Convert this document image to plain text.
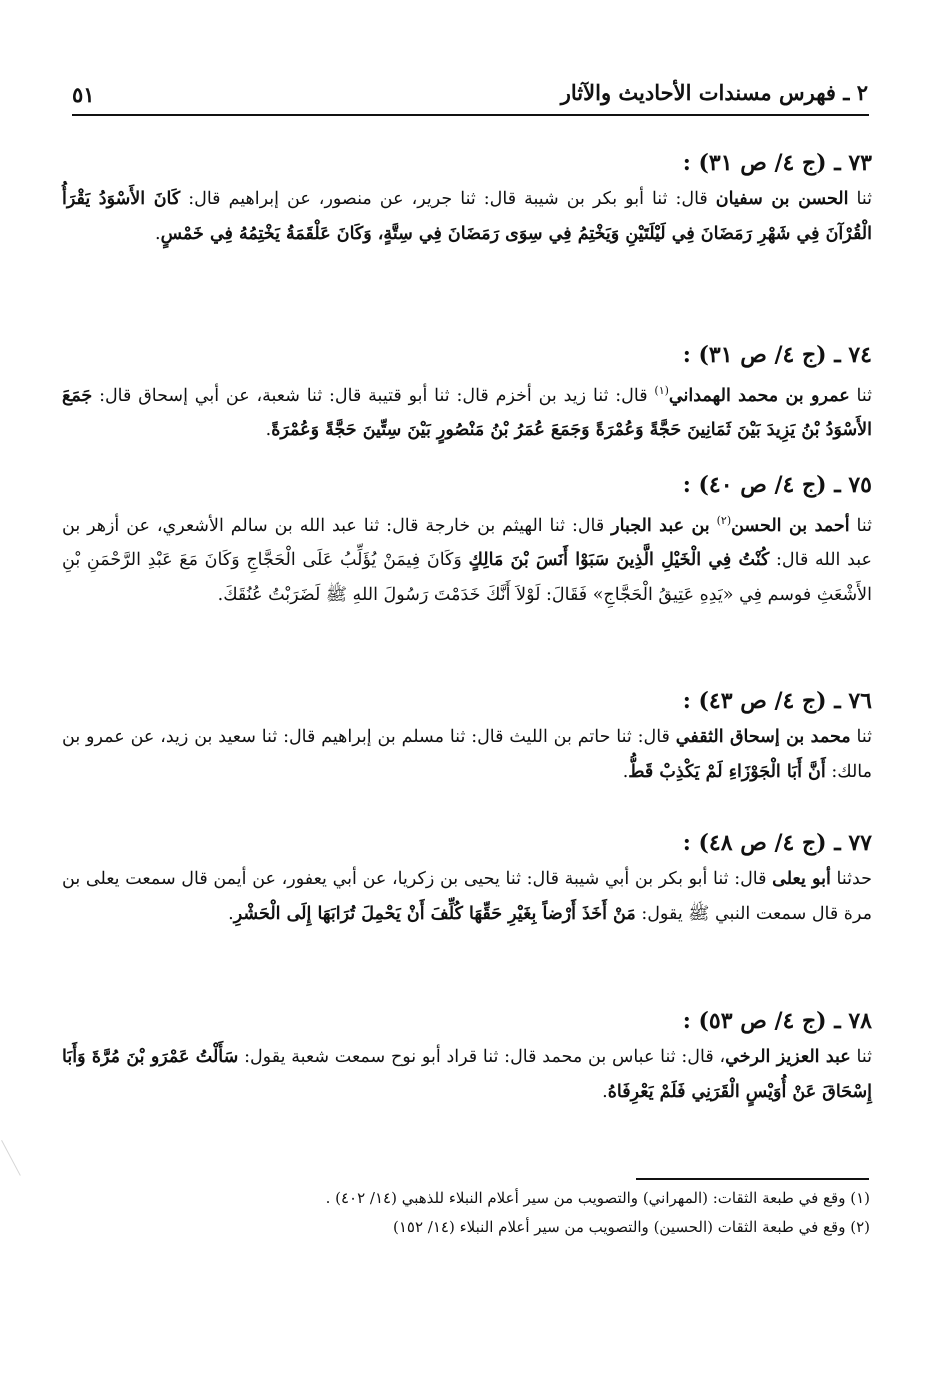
٢ ـ فهرس مسندات الأحاديث والآثار
٥١
٧٣ ـ (ج ٤/ ص ٣١) :
ثنا الحسن بن سفيان قال: ثنا أبو بكر بن شيبة قال: ثنا جرير، عن منصور، عن إبراهيم قال: كَانَ الأَسْوَدُ يَقْرَأُ الْقُرْآنَ فِي شَهْرِ رَمَضَانَ فِي لَيْلَتَيْنِ وَيَخْتِمُ فِي سِوَى رَمَضَانَ فِي سِتَّةٍ، وَكَانَ عَلْقَمَةُ يَخْتِمُهُ فِي خَمْسٍ.
٧٤ ـ (ج ٤/ ص ٣١) :
ثنا عمرو بن محمد الهمداني$^{(١)}$ قال: ثنا زيد بن أخزم قال: ثنا أبو قتيبة قال: ثنا شعبة، عن أبي إسحاق قال: جَمَعَ الأَسْوَدُ بْنُ يَزِيدَ بَيْنَ ثَمَانِينَ حَجَّةً وَعُمْرَةً وَجَمَعَ عُمَرُ بْنُ مَنْصُورٍ بَيْنَ سِتِّينَ حَجَّةً وَعُمْرَةً.
٧٥ ـ (ج ٤/ ص ٤٠) :
ثنا أحمد بن الحسن$^{(٢)}$ بن عبد الجبار قال: ثنا الهيثم بن خارجة قال: ثنا عبد الله بن سالم الأشعري، عن أزهر بن عبد الله قال: كُنْتُ فِي الْخَيْلِ الَّذِينَ سَبَوْا أَنَسَ بْنَ مَالِكٍ وَكَانَ فِيمَنْ يُؤَلِّبُ عَلَى الْحَجَّاجِ وَكَانَ مَعَ عَبْدِ الرَّحْمَنِ بْنِ الأَشْعَثِ فوسم فِي «يَدِهِ عَتِيقُ الْحَجَّاجِ» فَقَالَ: لَوْلاَ أَنَّكَ خَدَمْتَ رَسُولَ اللهِ ﷺ لَضَرَبْتُ عُنُقَكَ.
٧٦ ـ (ج ٤/ ص ٤٣) :
ثنا محمد بن إسحاق الثقفي قال: ثنا حاتم بن الليث قال: ثنا مسلم بن إبراهيم قال: ثنا سعيد بن زيد، عن عمرو بن مالك: أَنَّ أَبَا الْجَوْزَاءِ لَمْ يَكْذِبْ قَطُّ.
٧٧ ـ (ج ٤/ ص ٤٨) :
حدثنا أبو يعلى قال: ثنا أبو بكر بن أبي شيبة قال: ثنا يحيى بن زكريا، عن أبي يعفور، عن أيمن قال سمعت يعلى بن مرة قال سمعت النبي ﷺ يقول: مَنْ أَخَذَ أَرْضاً بِغَيْرِ حَقِّهَا كُلِّفَ أَنْ يَحْمِلَ تُرَابَهَا إِلَى الْحَشْرِ.
٧٨ ـ (ج ٤/ ص ٥٣) :
ثنا عبد العزيز الرخي، قال: ثنا عباس بن محمد قال: ثنا قراد أبو نوح سمعت شعبة يقول: سَأَلْتُ عَمْرَو بْنَ مُرَّةَ وَأَبَا إِسْحَاقَ عَنْ أُوَيْسٍ الْقَرَنِي فَلَمْ يَعْرِفَاهُ.
(١) وقع في طبعة الثقات: (المهراني) والتصويب من سير أعلام النبلاء للذهبي (١٤/ ٤٠٢) .
(٢) وقع في طبعة الثقات (الحسين) والتصويب من سير أعلام النبلاء (١٤/ ١٥٢)
